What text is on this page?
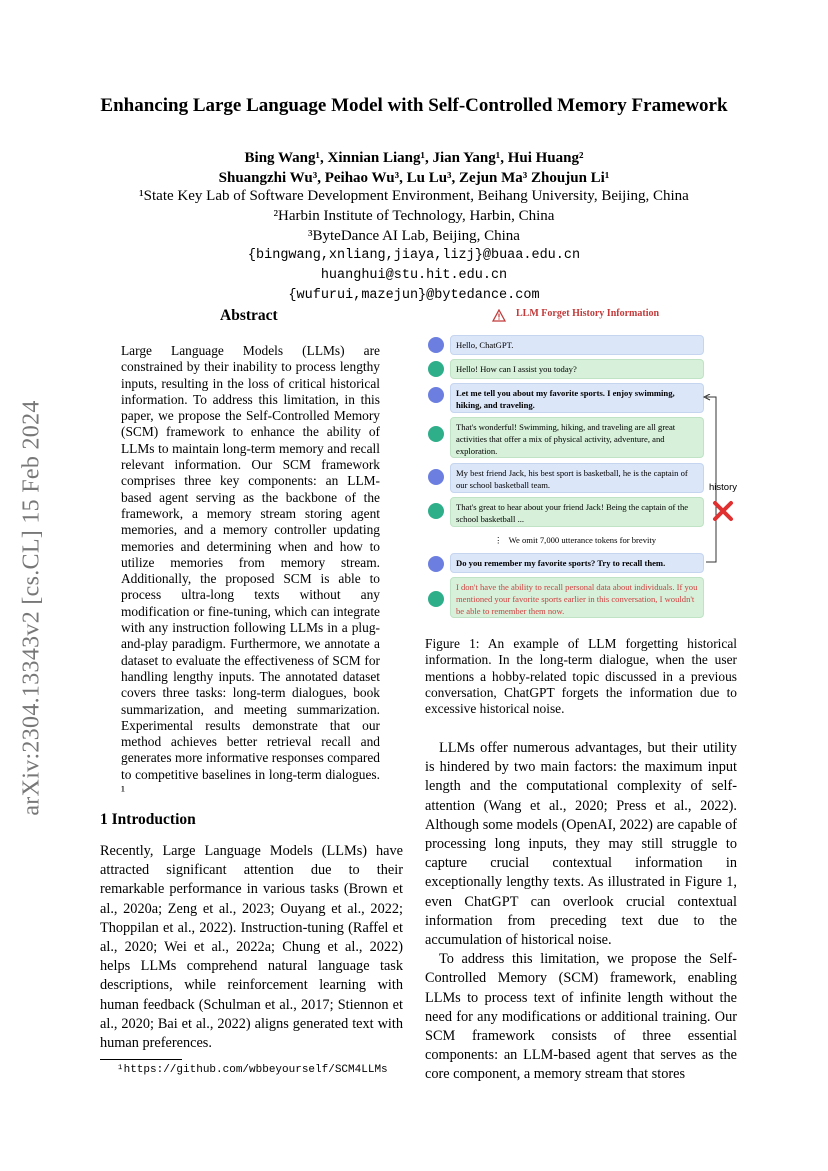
arXiv:2304.13343v2 [cs.CL] 15 Feb 2024
Enhancing Large Language Model with Self-Controlled Memory Framework
Bing Wang¹, Xinnian Liang¹, Jian Yang¹, Hui Huang²
Shuangzhi Wu³, Peihao Wu³, Lu Lu³, Zejun Ma³ Zhoujun Li¹
¹State Key Lab of Software Development Environment, Beihang University, Beijing, China
²Harbin Institute of Technology, Harbin, China
³ByteDance AI Lab, Beijing, China
{bingwang,xnliang,jiaya,lizj}@buaa.edu.cn
huanghui@stu.hit.edu.cn
{wufurui,mazejun}@bytedance.com
Abstract

Large Language Models (LLMs) are constrained by their inability to process lengthy inputs, resulting in the loss of critical historical information. To address this limitation, in this paper, we propose the Self-Controlled Memory (SCM) framework to enhance the ability of LLMs to maintain long-term memory and recall relevant information. Our SCM framework comprises three key components: an LLM-based agent serving as the backbone of the framework, a memory stream storing agent memories, and a memory controller updating memories and determining when and how to utilize memories from memory stream. Additionally, the proposed SCM is able to process ultra-long texts without any modification or fine-tuning, which can integrate with any instruction following LLMs in a plug-and-play paradigm. Furthermore, we annotate a dataset to evaluate the effectiveness of SCM for handling lengthy inputs. The annotated dataset covers three tasks: long-term dialogues, book summarization, and meeting summarization. Experimental results demonstrate that our method achieves better retrieval recall and generates more informative responses compared to competitive baselines in long-term dialogues. ¹

1 Introduction

Recently, Large Language Models (LLMs) have attracted significant attention due to their remarkable performance in various tasks (Brown et al., 2020a; Zeng et al., 2023; Ouyang et al., 2022; Thoppilan et al., 2022). Instruction-tuning (Raffel et al., 2020; Wei et al., 2022a; Chung et al., 2022) helps LLMs comprehend natural language task descriptions, while reinforcement learning with human feedback (Schulman et al., 2017; Stiennon et al., 2020; Bai et al., 2022) aligns generated text with human preferences.

¹https://github.com/wbbeyourself/SCM4LLMs
LLM Forget History Information
Hello, ChatGPT.
Hello! How can I assist you today?
Let me tell you about my favorite sports. I enjoy swimming, hiking, and traveling.
That's wonderful! Swimming, hiking, and traveling are all great activities that offer a mix of physical activity, adventure, and exploration.
My best friend Jack, his best sport is basketball, he is the captain of our school basketball team.
That's great to hear about your friend Jack! Being the captain of the school basketball ...
⋮ We omit 7,000 utterance tokens for brevity
Do you remember my favorite sports? Try to recall them.
I don't have the ability to recall personal data about individuals. If you mentioned your favorite sports earlier in this conversation, I wouldn't be able to remember them now.
history
Figure 1: An example of LLM forgetting historical information. In the long-term dialogue, when the user mentions a hobby-related topic discussed in a previous conversation, ChatGPT forgets the information due to excessive historical noise.

LLMs offer numerous advantages, but their utility is hindered by two main factors: the maximum input length and the computational complexity of self-attention (Wang et al., 2020; Press et al., 2022). Although some models (OpenAI, 2022) are capable of processing long inputs, they may still struggle to capture crucial contextual information in exceptionally lengthy texts. As illustrated in Figure 1, even ChatGPT can overlook crucial contextual information from preceding text due to the accumulation of historical noise.

To address this limitation, we propose the Self-Controlled Memory (SCM) framework, enabling LLMs to process text of infinite length without the need for any modifications or additional training. Our SCM framework consists of three essential components: an LLM-based agent that serves as the core component, a memory stream that stores
